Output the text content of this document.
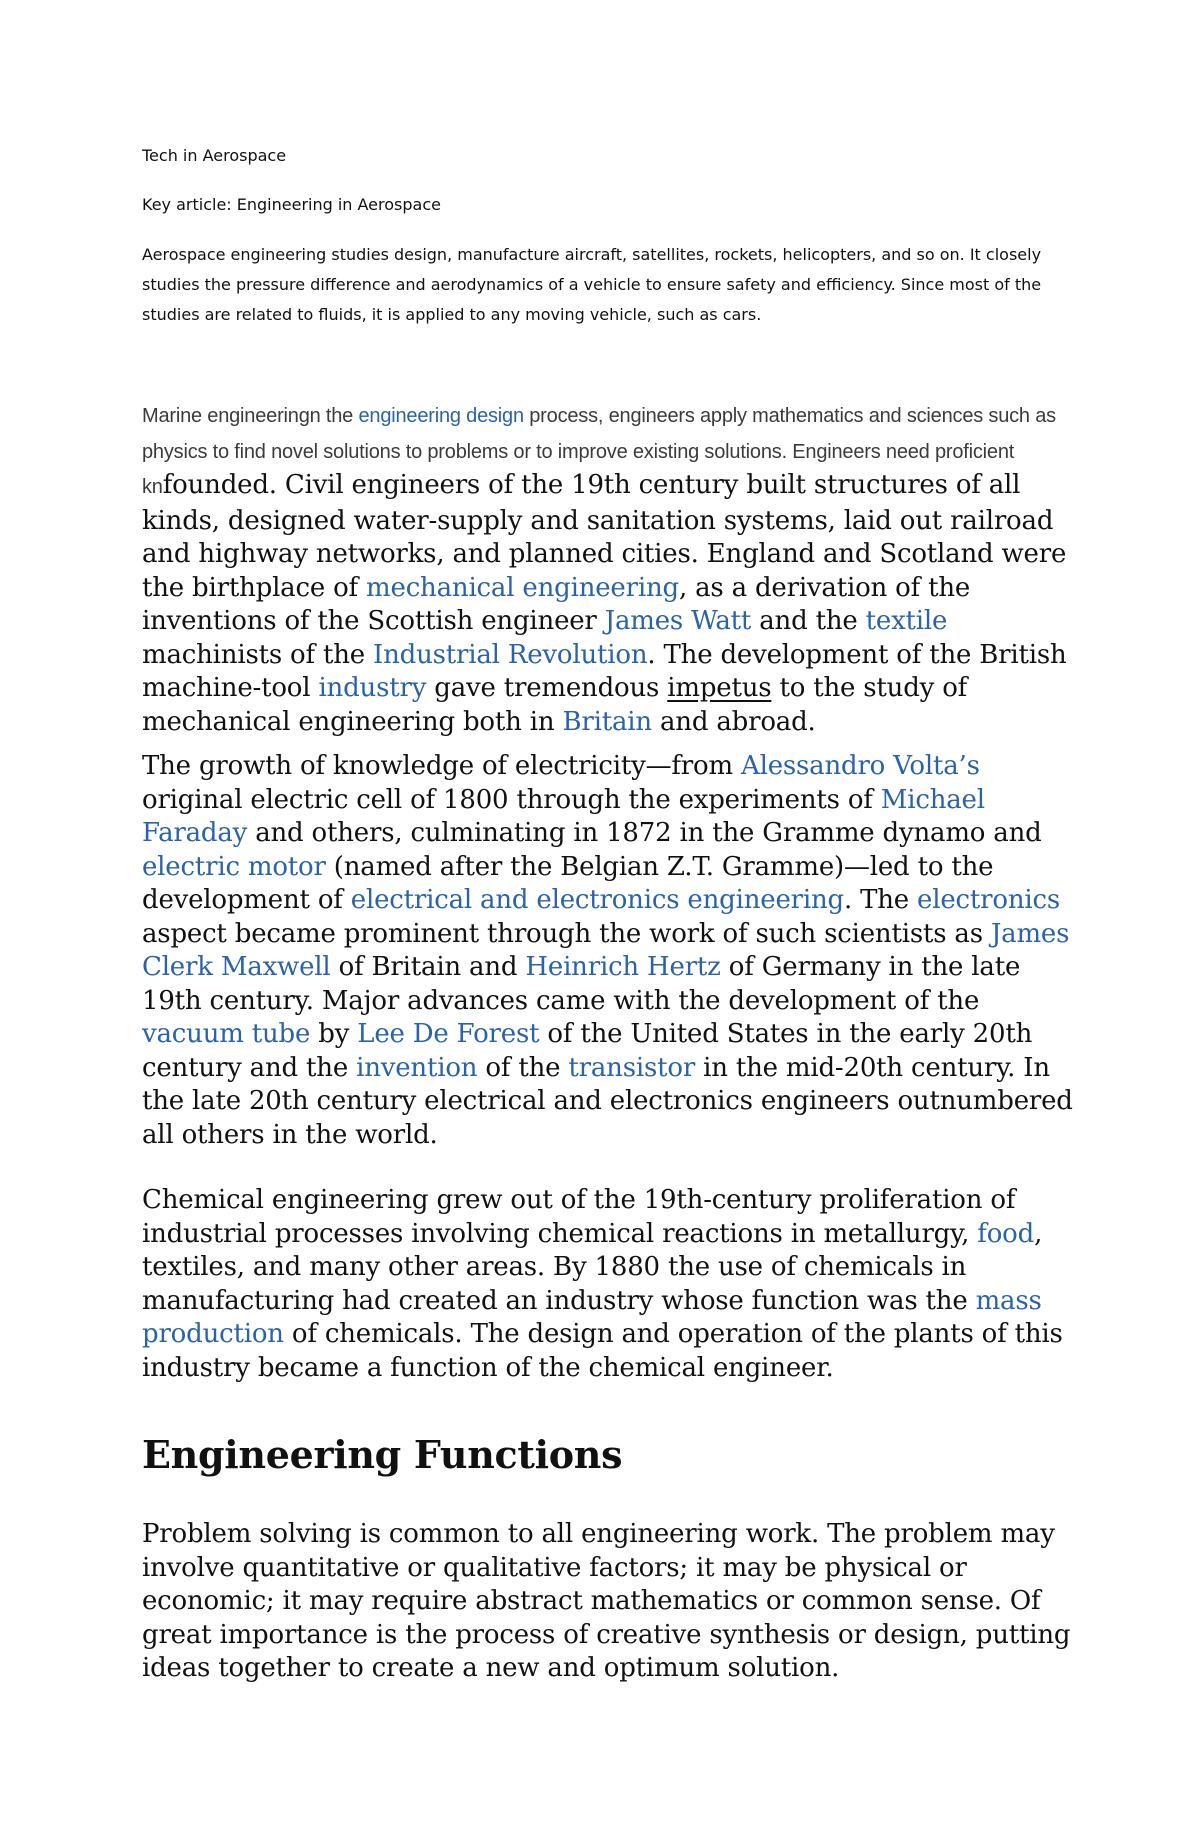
Tech in Aerospace

Key article: Engineering in Aerospace

Aerospace engineering studies design, manufacture aircraft, satellites, rockets, helicopters, and so on. It closely studies the pressure difference and aerodynamics of a vehicle to ensure safety and efficiency. Since most of the studies are related to fluids, it is applied to any moving vehicle, such as cars.

Marine engineeringn the engineering design process, engineers apply mathematics and sciences such as physics to find novel solutions to problems or to improve existing solutions. Engineers need proficient knfounded. Civil engineers of the 19th century built structures of all kinds, designed water-supply and sanitation systems, laid out railroad and highway networks, and planned cities. England and Scotland were the birthplace of mechanical engineering, as a derivation of the inventions of the Scottish engineer James Watt and the textile machinists of the Industrial Revolution. The development of the British machine-tool industry gave tremendous impetus to the study of mechanical engineering both in Britain and abroad.

The growth of knowledge of electricity—from Alessandro Volta’s original electric cell of 1800 through the experiments of Michael Faraday and others, culminating in 1872 in the Gramme dynamo and electric motor (named after the Belgian Z.T. Gramme)—led to the development of electrical and electronics engineering. The electronics aspect became prominent through the work of such scientists as James Clerk Maxwell of Britain and Heinrich Hertz of Germany in the late 19th century. Major advances came with the development of the vacuum tube by Lee De Forest of the United States in the early 20th century and the invention of the transistor in the mid-20th century. In the late 20th century electrical and electronics engineers outnumbered all others in the world.

Chemical engineering grew out of the 19th-century proliferation of industrial processes involving chemical reactions in metallurgy, food, textiles, and many other areas. By 1880 the use of chemicals in manufacturing had created an industry whose function was the mass production of chemicals. The design and operation of the plants of this industry became a function of the chemical engineer.

Engineering Functions

Problem solving is common to all engineering work. The problem may involve quantitative or qualitative factors; it may be physical or economic; it may require abstract mathematics or common sense. Of great importance is the process of creative synthesis or design, putting ideas together to create a new and optimum solution.
